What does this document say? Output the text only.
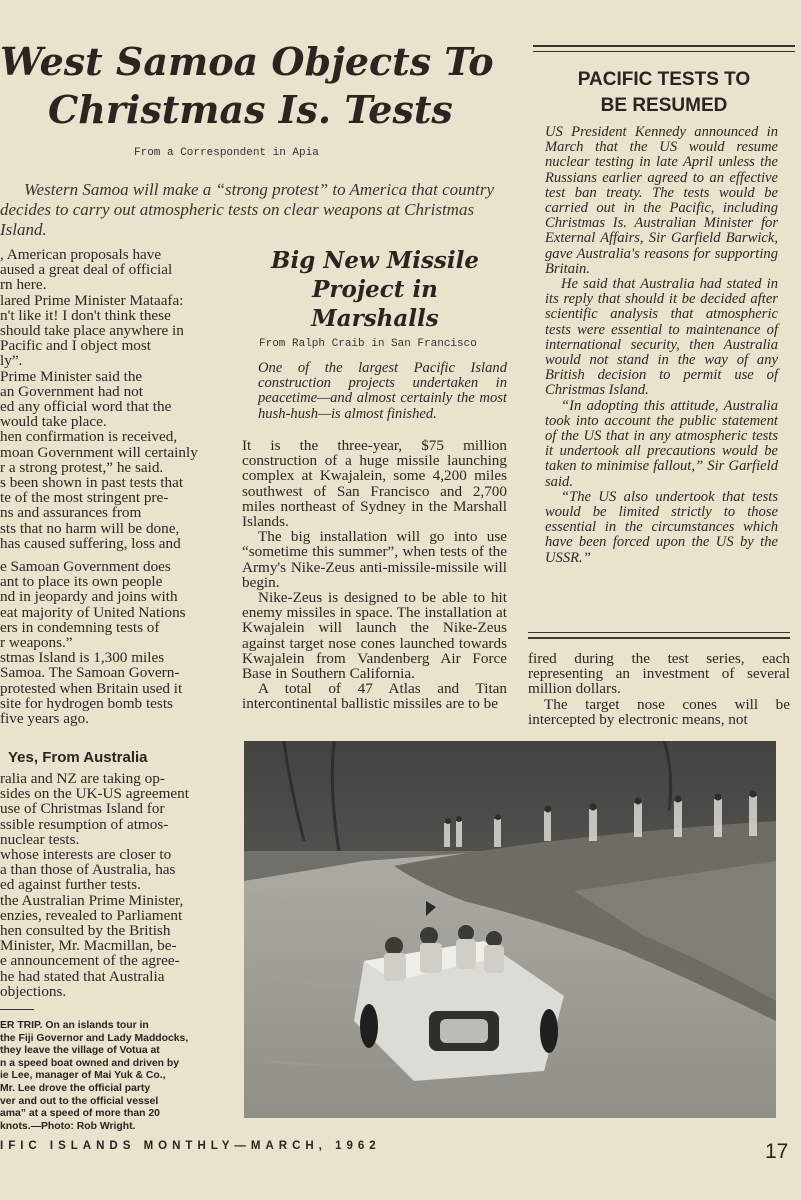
West Samoa Objects To
Christmas Is. Tests
From a Correspondent in Apia
Western Samoa will make a “strong protest” to America that country decides to carry out atmospheric tests on clear weapons at Christmas Island.
, American proposals have
aused a great deal of official
rn here.
lared Prime Minister Mataafa:
n't like it! I don't think these
should take place anywhere in
Pacific and I object most
ly”.
Prime Minister said the
an Government had not
ed any official word that the
would take place.
hen confirmation is received,
moan Government will certainly
r a strong protest,” he said.
s been shown in past tests that
te of the most stringent pre-
ns and assurances from
sts that no harm will be done,
has caused suffering, loss and
e Samoan Government does
ant to place its own people
nd in jeopardy and joins with
eat majority of United Nations
ers in condemning tests of
r weapons.”
stmas Island is 1,300 miles
Samoa. The Samoan Govern-
protested when Britain used it
site for hydrogen bomb tests
five years ago.
Yes, From Australia
ralia and NZ are taking op-
sides on the UK-US agreement
use of Christmas Island for
ssible resumption of atmos-
nuclear tests.
whose interests are closer to
a than those of Australia, has
ed against further tests.
the Australian Prime Minister,
enzies, revealed to Parliament
hen consulted by the British
Minister, Mr. Macmillan, be-
e announcement of the agree-
he had stated that Australia
objections.
ER TRIP. On an islands tour in
the Fiji Governor and Lady Maddocks,
they leave the village of Votua at
n a speed boat owned and driven by
ie Lee, manager of Mai Yuk & Co.,
Mr. Lee drove the official party
ver and out to the official vessel
ama” at a speed of more than 20
knots.—Photo: Rob Wright.
Big New Missile
Project in
Marshalls
From Ralph Craib in San Francisco
One of the largest Pacific Island construction projects undertaken in peacetime—and almost certainly the most hush-hush—is almost finished.

It is the three-year, $75 million construction of a huge missile launching complex at Kwajalein, some 4,200 miles southwest of San Francisco and 2,700 miles northeast of Sydney in the Marshall Islands.

The big installation will go into use “sometime this summer”, when tests of the Army's Nike-Zeus anti-missile-missile will begin.

Nike-Zeus is designed to be able to hit enemy missiles in space. The installation at Kwajalein will launch the Nike-Zeus against target nose cones launched towards Kwajalein from Vandenberg Air Force Base in Southern California.

A total of 47 Atlas and Titan intercontinental ballistic missiles are to be

fired during the test series, each representing an investment of several million dollars.

The target nose cones will be intercepted by electronic means, not

PACIFIC TESTS TO
BE RESUMED

US President Kennedy announced in March that the US would resume nuclear testing in late April unless the Russians earlier agreed to an effective test ban treaty. The tests would be carried out in the Pacific, including Christmas Is. Australian Minister for External Affairs, Sir Garfield Barwick, gave Australia's reasons for supporting Britain.

He said that Australia had stated in its reply that should it be decided after scientific analysis that atmospheric tests were essential to maintenance of international security, then Australia would not stand in the way of any British decision to permit use of Christmas Island.

“In adopting this attitude, Australia took into account the public statement of the US that in any atmospheric tests it undertook all precautions would be taken to minimise fallout,” Sir Garfield said.

“The US also undertook that tests would be limited strictly to those essential in the circumstances which have been forced upon the US by the USSR.”

IFIC ISLANDS MONTHLY—MARCH, 1962	17
